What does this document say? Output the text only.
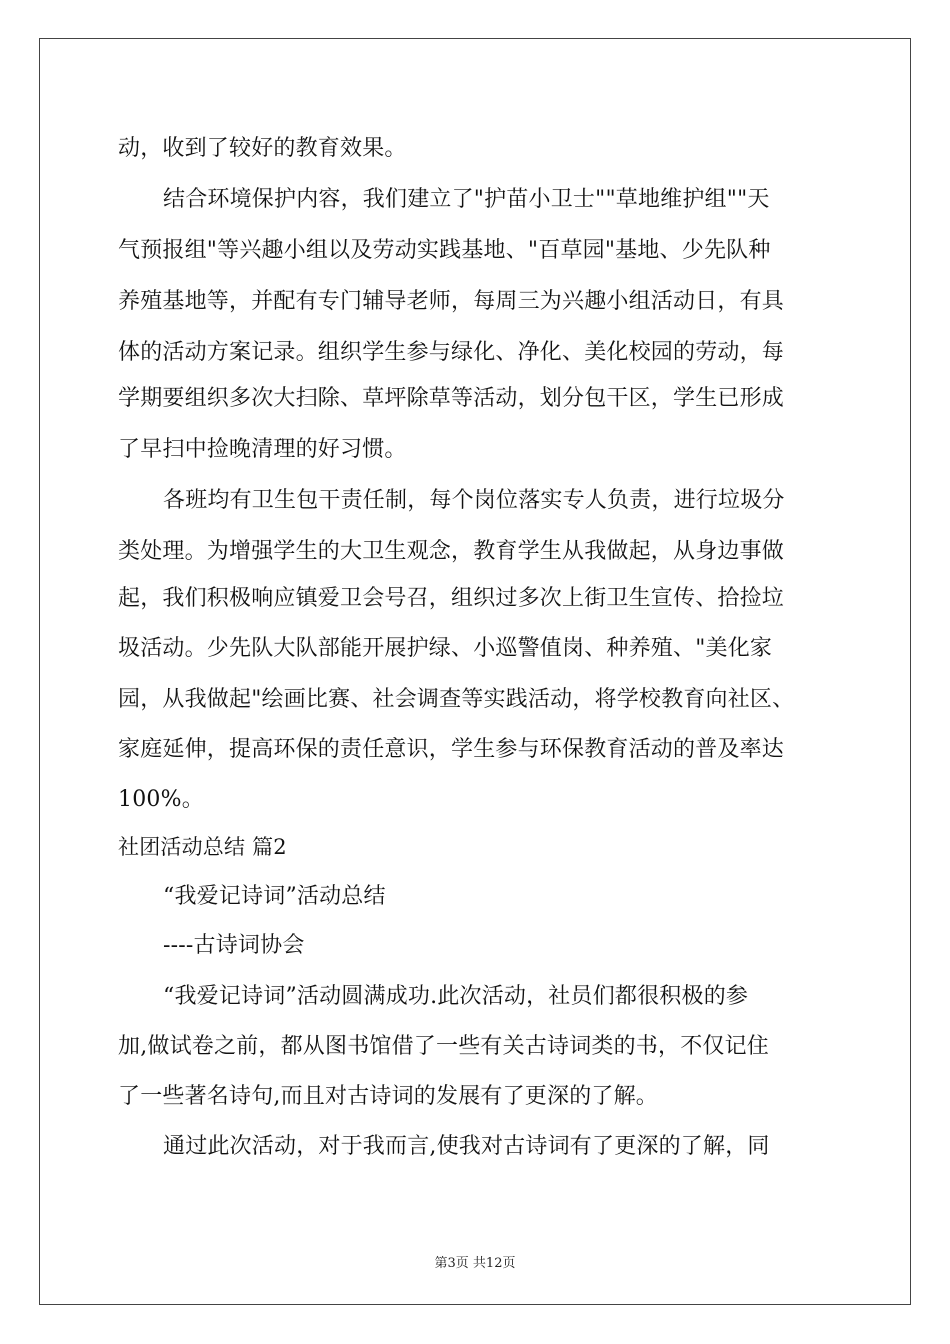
动，收到了较好的教育效果。
结合环境保护内容，我们建立了"护苗小卫士""草地维护组""天
气预报组"等兴趣小组以及劳动实践基地、"百草园"基地、少先队种
养殖基地等，并配有专门辅导老师，每周三为兴趣小组活动日，有具
体的活动方案记录。组织学生参与绿化、净化、美化校园的劳动，每
学期要组织多次大扫除、草坪除草等活动，划分包干区，学生已形成
了早扫中捡晚清理的好习惯。
各班均有卫生包干责任制，每个岗位落实专人负责，进行垃圾分
类处理。为增强学生的大卫生观念，教育学生从我做起，从身边事做
起，我们积极响应镇爱卫会号召，组织过多次上街卫生宣传、拾捡垃
圾活动。少先队大队部能开展护绿、小巡警值岗、种养殖、"美化家
园，从我做起"绘画比赛、社会调查等实践活动，将学校教育向社区、
家庭延伸，提高环保的责任意识，学生参与环保教育活动的普及率达
100%。
社团活动总结 篇2
“我爱记诗词”活动总结
----古诗词协会
“我爱记诗词”活动圆满成功.此次活动，社员们都很积极的参
加,做试卷之前，都从图书馆借了一些有关古诗词类的书，不仅记住
了一些著名诗句,而且对古诗词的发展有了更深的了解。
通过此次活动，对于我而言,使我对古诗词有了更深的了解，同
第3页 共12页
